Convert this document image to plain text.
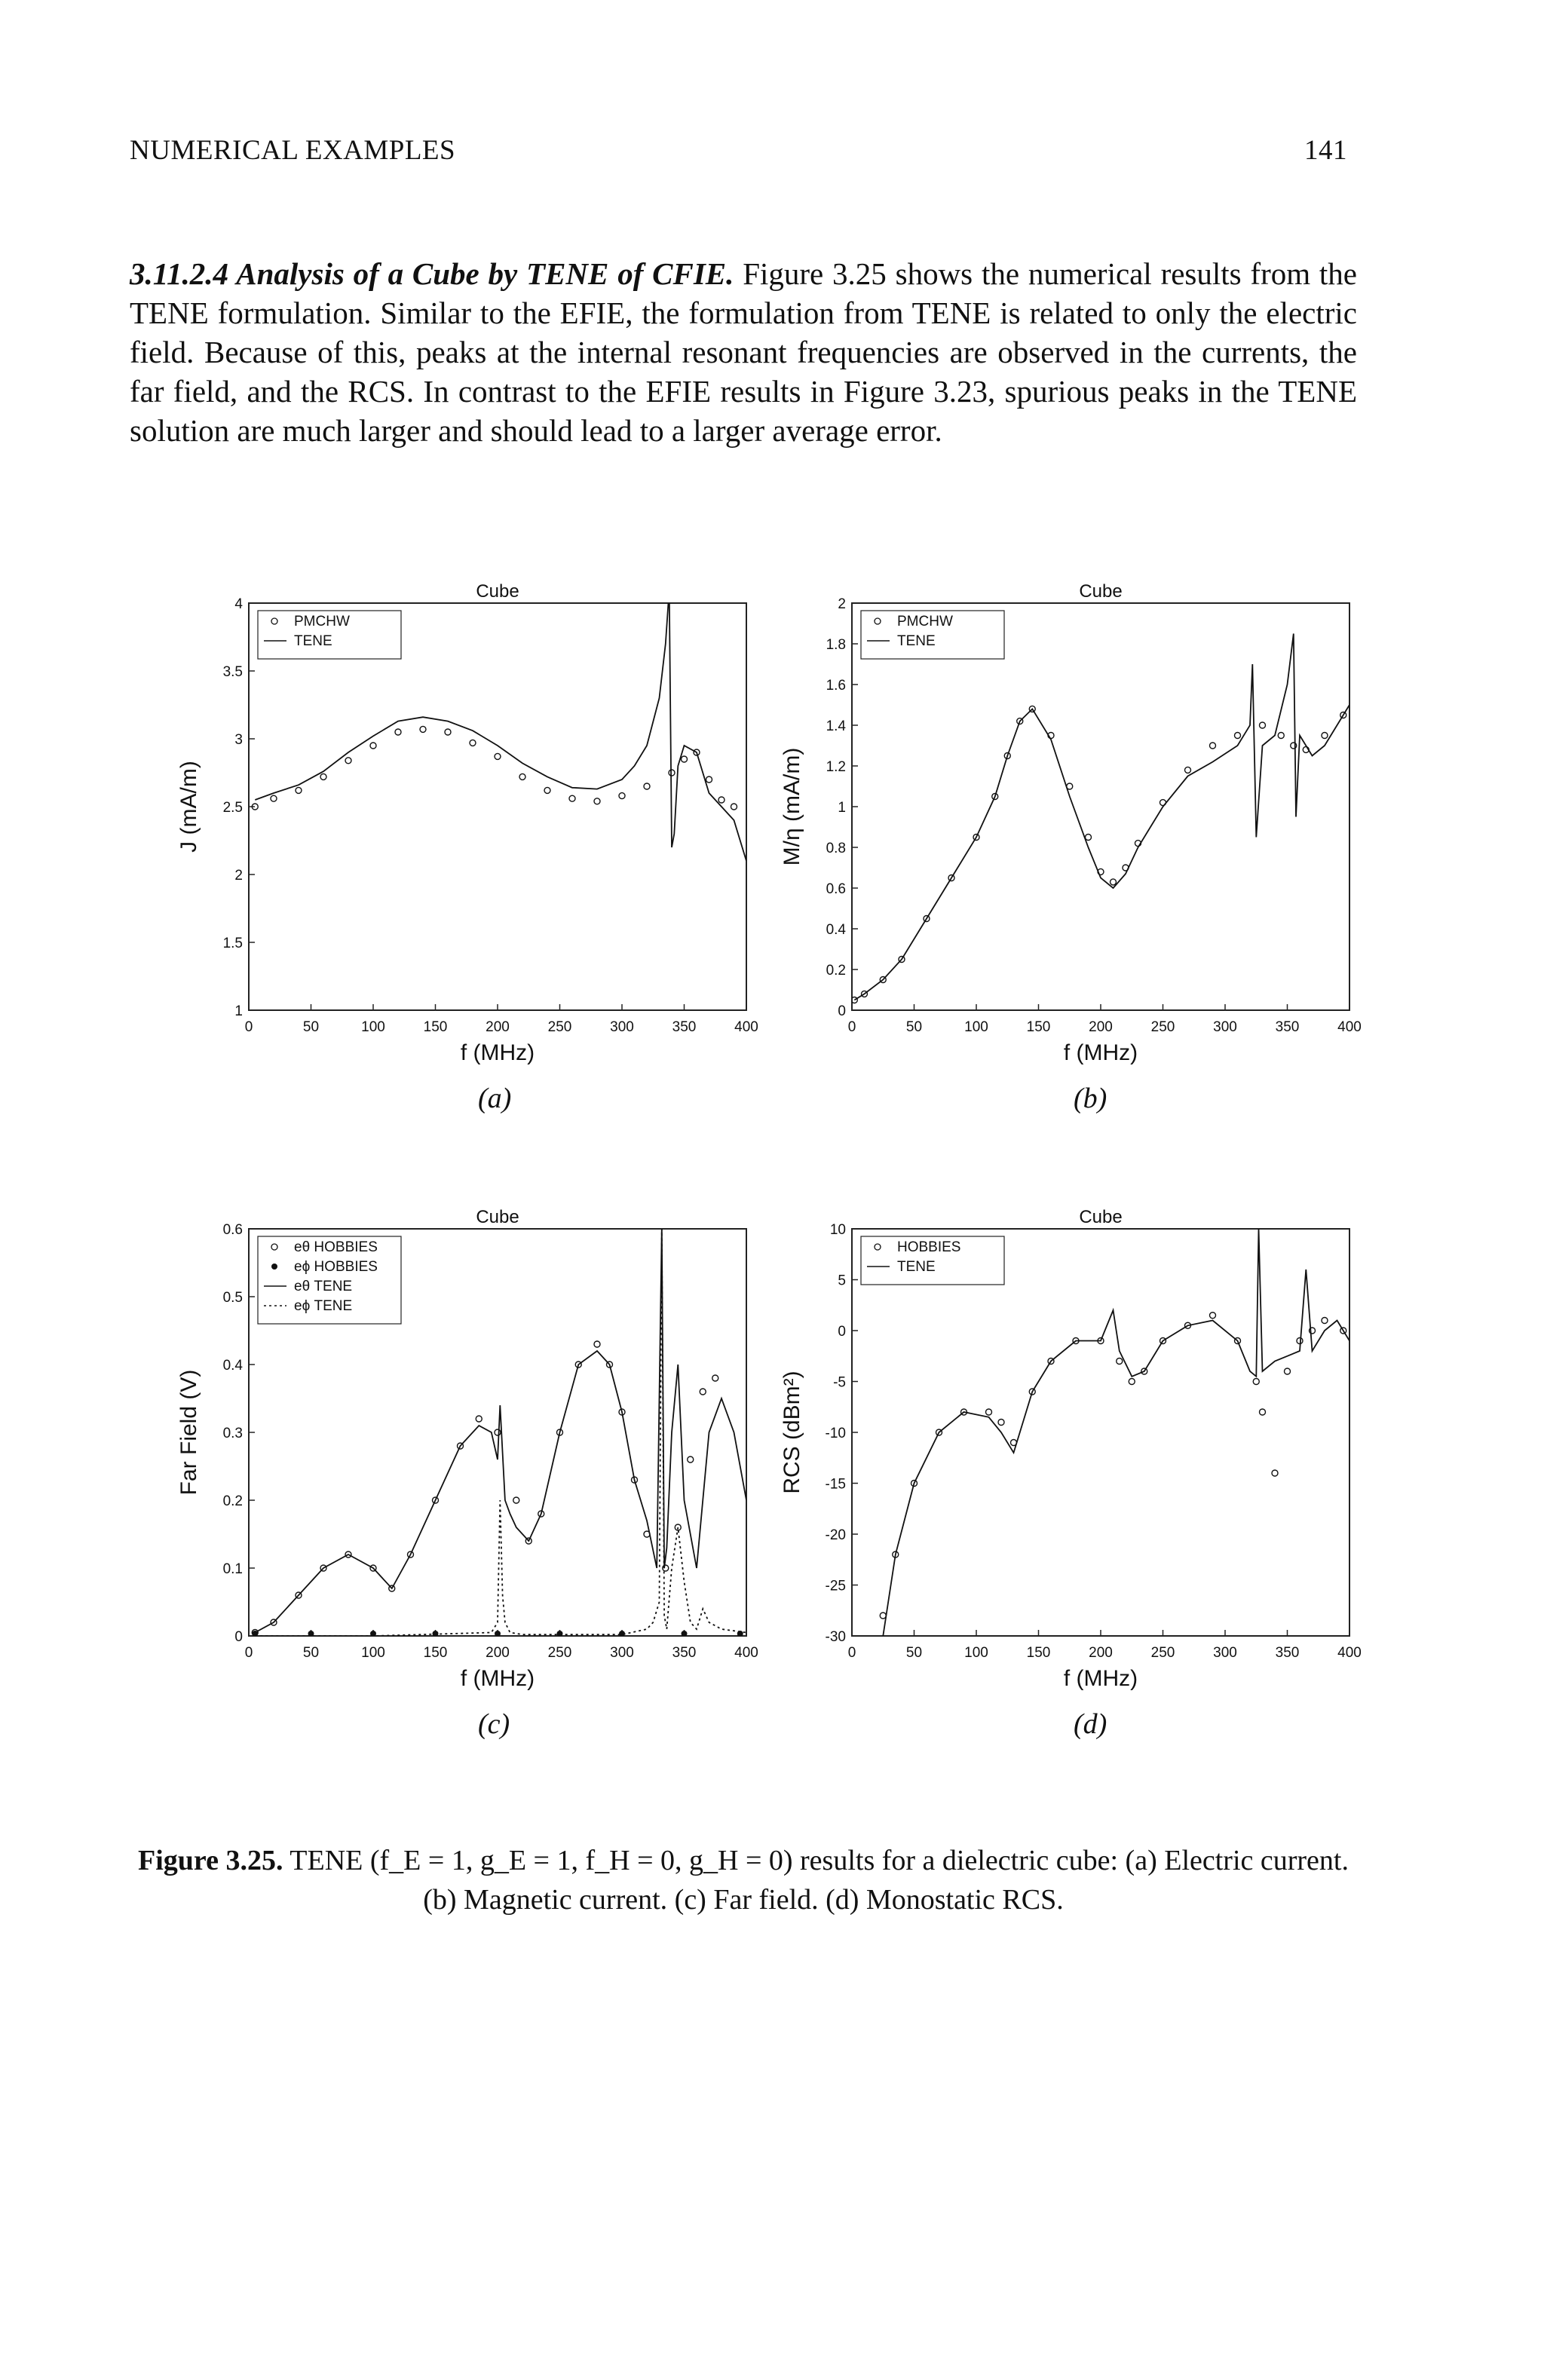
NUMERICAL EXAMPLES	141

3.11.2.4 Analysis of a Cube by TENE of CFIE. Figure 3.25 shows the numerical results from the TENE formulation. Similar to the EFIE, the formulation from TENE is related to only the electric field. Because of this, peaks at the internal resonant frequencies are observed in the currents, the far field, and the RCS. In contrast to the EFIE results in Figure 3.23, spurious peaks in the TENE solution are much larger and should lead to a larger average error.

Cube
0	50	100	150	200	250	300	350	400
1
1.5
2
2.5
3
3.5
4
f (MHz)
J (mA/m)
PMCHW
TENE
Cube
0	50	100	150	200	250	300	350	400
0
0.2
0.4
0.6
0.8
1
1.2
1.4
1.6
1.8
2
f (MHz)
M/η (mA/m)
PMCHW
TENE
Cube
0	50	100	150	200	250	300	350	400
0
0.1
0.2
0.3
0.4
0.5
0.6
f (MHz)
Far Field (V)
eθ HOBBIES
eϕ HOBBIES
eθ TENE
eϕ TENE
Cube
0	50	100	150	200	250	300	350	400
-30
-25
-20
-15
-10
-5
0
5
10
f (MHz)
RCS (dBm²)
HOBBIES
TENE
(a)	(b)
(c)	(d)
Figure 3.25. TENE (f_E = 1, g_E = 1, f_H = 0, g_H = 0) results for a dielectric cube: (a) Electric current. (b) Magnetic current. (c) Far field. (d) Monostatic RCS.
